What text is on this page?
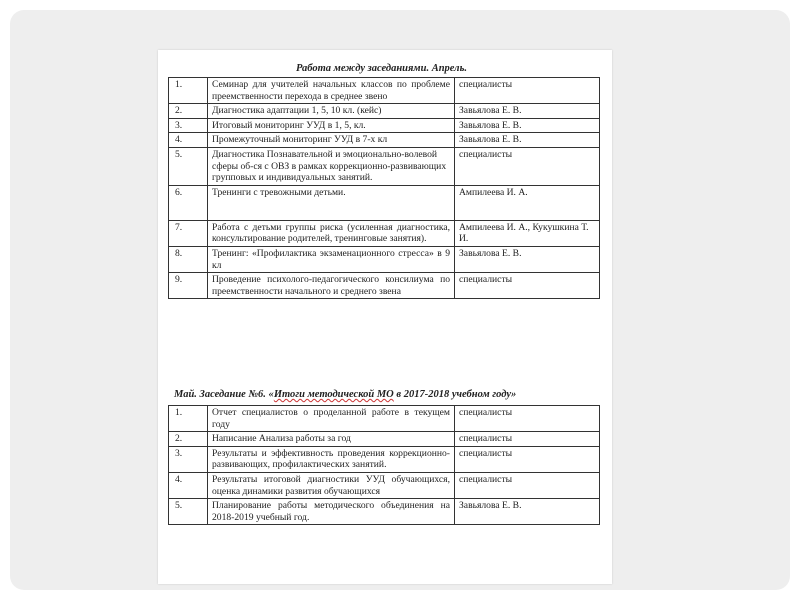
Работа между заседаниями. Апрель.
1.	Семинар для учителей начальных классов по проблеме преемственности перехода в среднее звено	специалисты
2.	Диагностика адаптации 1, 5, 10 кл. (кейс)	Завьялова Е. В.
3.	Итоговый мониторинг УУД в 1, 5, кл.	Завьялова Е. В.
4.	Промежуточный мониторинг УУД в 7-х кл	Завьялова Е. В.
5.	Диагностика Познавательной и эмоционально-волевой сферы об-ся с ОВЗ в рамках коррекционно-развивающих групповых и индивидуальных занятий.	специалисты
6.	Тренинги с тревожными детьми.	Ампилеева И. А.
7.	Работа с детьми группы риска (усиленная диагностика, консультирование родителей, тренинговые занятия).	Ампилеева И. А., Кукушкина Т. И.
8.	Тренинг: «Профилактика экзаменационного стресса» в 9 кл	Завьялова Е. В.
9.	Проведение психолого-педагогического консилиума по преемственности начального и среднего звена	специалисты
Май. Заседание №6. «Итоги методической МО в 2017-2018 учебном году»
1.	Отчет специалистов о проделанной работе в текущем году	специалисты
2.	Написание Анализа работы за год	специалисты
3.	Результаты и эффективность проведения коррекционно-развивающих, профилактических занятий.	специалисты
4.	Результаты итоговой диагностики УУД обучающихся, оценка динамики развития обучающихся	специалисты
5.	Планирование работы методического объединения на 2018-2019 учебный год.	Завьялова Е. В.
